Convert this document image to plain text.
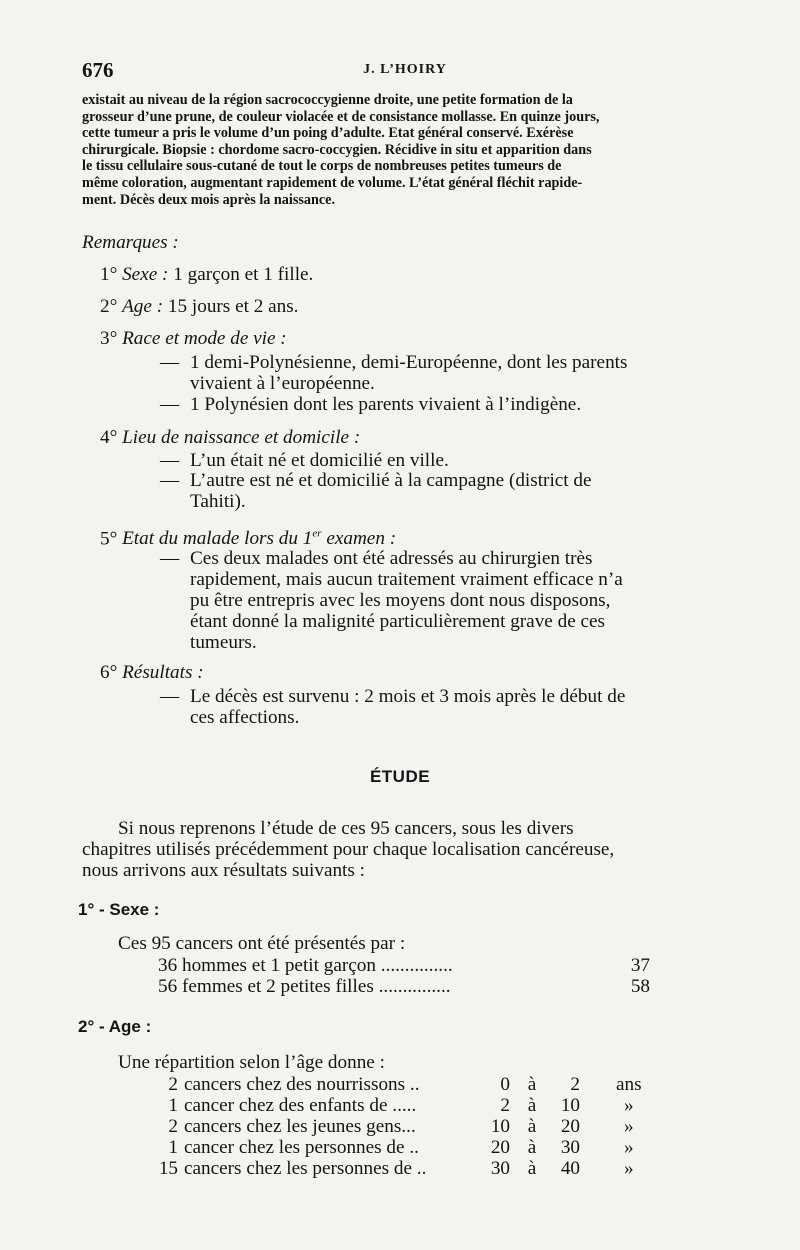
676	J. L’HOIRY
existait au niveau de la région sacrococcygienne droite, une petite formation de la
grosseur d’une prune, de couleur violacée et de consistance mollasse. En quinze jours,
cette tumeur a pris le volume d’un poing d’adulte. Etat général conservé. Exérèse
chirurgicale. Biopsie : chordome sacro-coccygien. Récidive in situ et apparition dans
le tissu cellulaire sous-cutané de tout le corps de nombreuses petites tumeurs de
même coloration, augmentant rapidement de volume. L’état général fléchit rapide-
ment. Décès deux mois après la naissance.
Remarques :
1° Sexe : 1 garçon et 1 fille.
2° Age : 15 jours et 2 ans.
3° Race et mode de vie :
— 1 demi-Polynésienne, demi-Européenne, dont les parents
vivaient à l’européenne.
— 1 Polynésien dont les parents vivaient à l’indigène.
4° Lieu de naissance et domicile :
— L’un était né et domicilié en ville.
— L’autre est né et domicilié à la campagne (district de
Tahiti).
5° Etat du malade lors du 1er examen :
— Ces deux malades ont été adressés au chirurgien très
rapidement, mais aucun traitement vraiment efficace n’a
pu être entrepris avec les moyens dont nous disposons,
étant donné la malignité particulièrement grave de ces
tumeurs.
6° Résultats :
— Le décès est survenu : 2 mois et 3 mois après le début de
ces affections.
ÉTUDE
Si nous reprenons l’étude de ces 95 cancers, sous les divers
chapitres utilisés précédemment pour chaque localisation cancéreuse,
nous arrivons aux résultats suivants :
1° - Sexe :
Ces 95 cancers ont été présentés par :
36 hommes et 1 petit garçon ...............	37
56 femmes et 2 petites filles ...............	58
2° - Age :
Une répartition selon l’âge donne :
2 cancers chez des nourrissons ..	0 à	2 ans
1 cancer chez des enfants de .....	2 à	10 »
2 cancers chez les jeunes gens...	10 à	20 »
1 cancer chez les personnes de ..	20 à	30 »
15 cancers chez les personnes de ..	30 à	40 »
